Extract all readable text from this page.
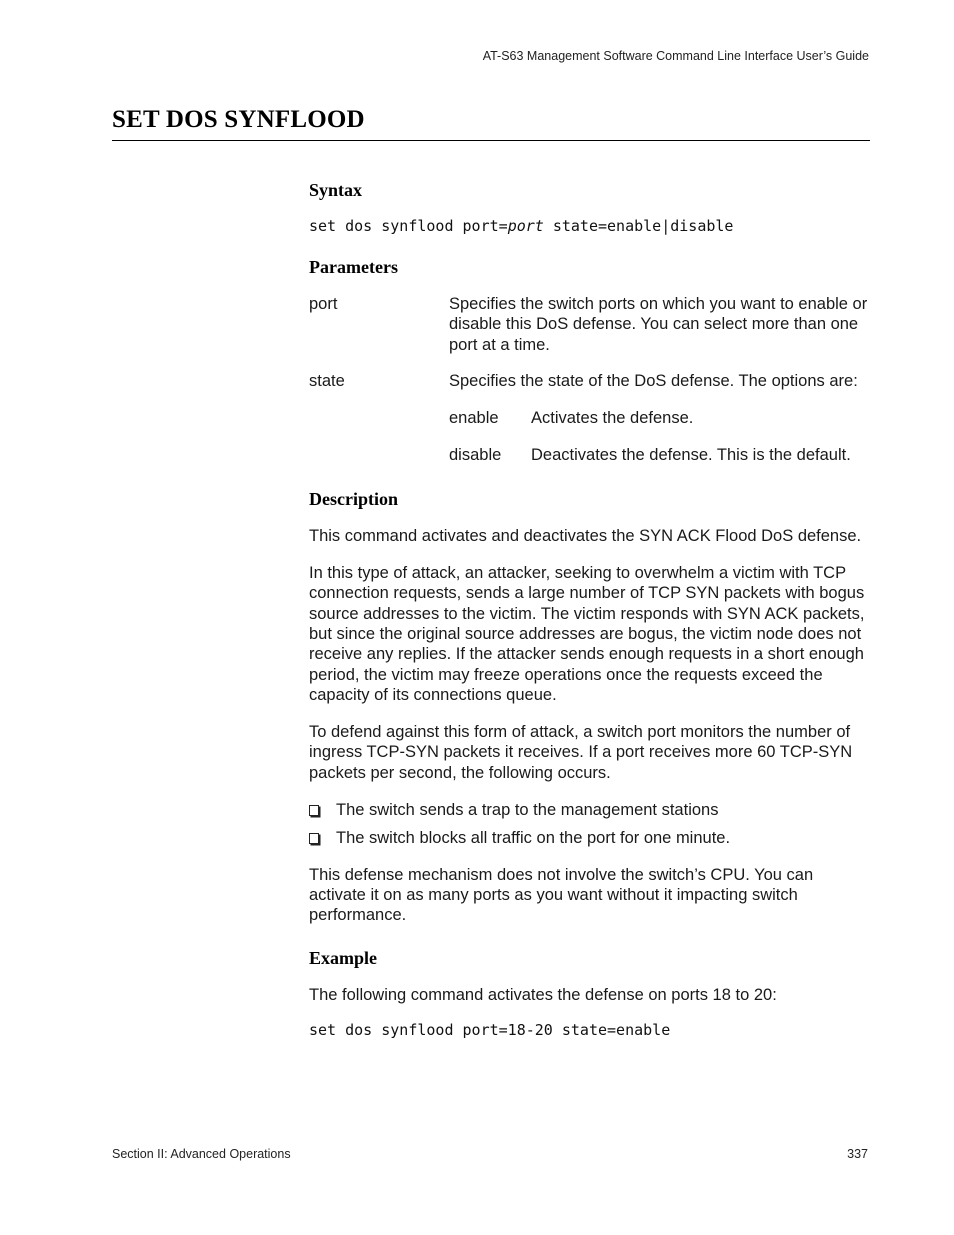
AT-S63 Management Software Command Line Interface User’s Guide
SET DOS SYNFLOOD
Syntax
set dos synflood port=port state=enable|disable
Parameters
port	Specifies the switch ports on which you want to enable or disable this DoS defense. You can select more than one port at a time.
state	Specifies the state of the DoS defense. The options are:
enable Activates the defense.
disable Deactivates the defense. This is the default.
Description

This command activates and deactivates the SYN ACK Flood DoS defense.

In this type of attack, an attacker, seeking to overwhelm a victim with TCP connection requests, sends a large number of TCP SYN packets with bogus source addresses to the victim. The victim responds with SYN ACK packets, but since the original source addresses are bogus, the victim node does not receive any replies. If the attacker sends enough requests in a short enough period, the victim may freeze operations once the requests exceed the capacity of its connections queue.

To defend against this form of attack, a switch port monitors the number of ingress TCP-SYN packets it receives. If a port receives more 60 TCP-SYN packets per second, the following occurs.

The switch sends a trap to the management stations
The switch blocks all traffic on the port for one minute.

This defense mechanism does not involve the switch’s CPU. You can activate it on as many ports as you want without it impacting switch performance.

Example

The following command activates the defense on ports 18 to 20:

set dos synflood port=18-20 state=enable
Section II: Advanced Operations	337
